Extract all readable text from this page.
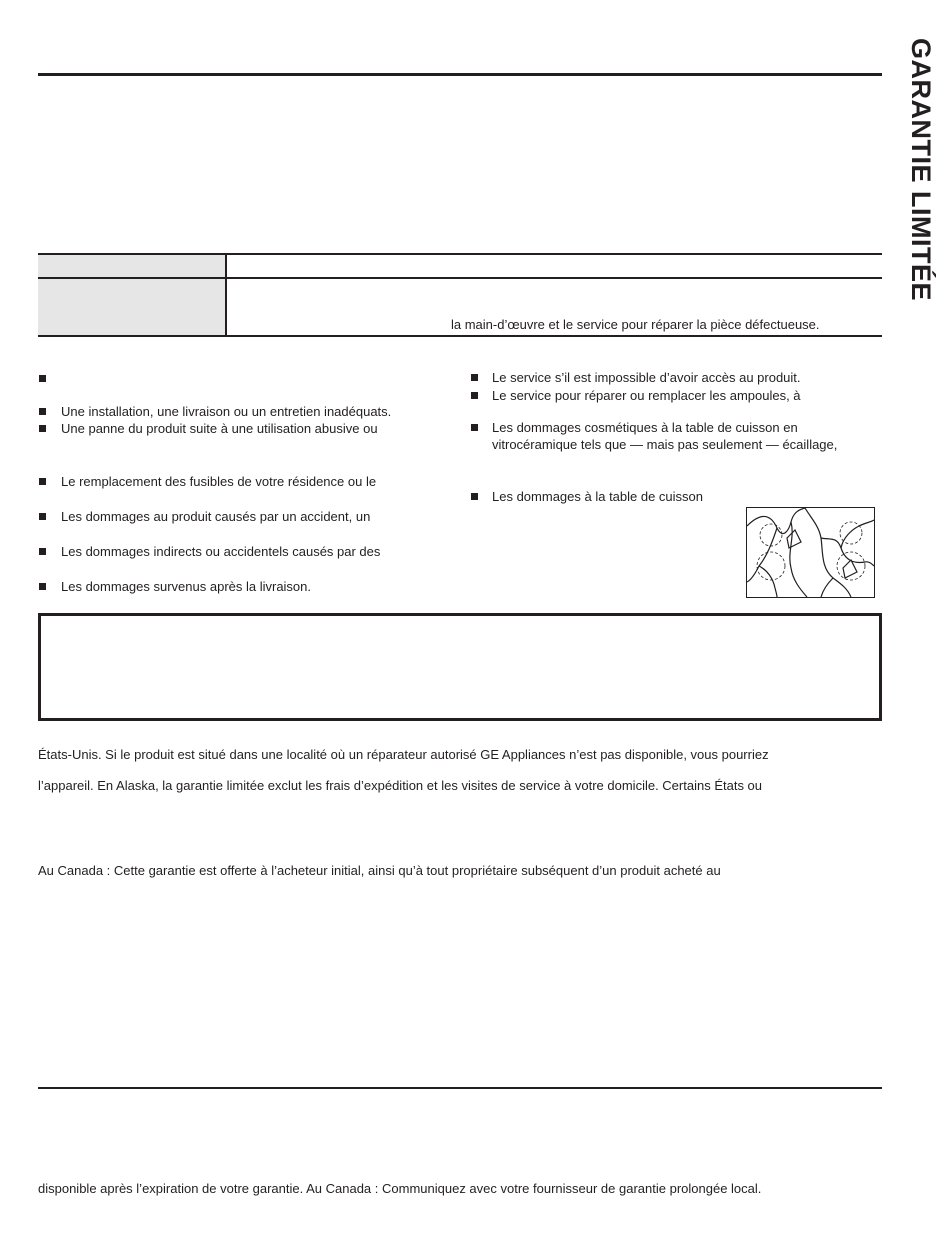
GARANTIE LIMITÉE
la main-d’œuvre et le service pour réparer la pièce défectueuse.
Une installation, une livraison ou un entretien inadéquats.
Une panne du produit suite à une utilisation abusive ou
Le remplacement des fusibles de votre résidence ou le
Les dommages au produit causés par un accident, un
Les dommages indirects ou accidentels causés par des
Les dommages survenus après la livraison.
Le service s’il est impossible d’avoir accès au produit.
Le service pour réparer ou remplacer les ampoules, à
Les dommages cosmétiques à la table de cuisson en
vitrocéramique tels que — mais pas seulement — écaillage,
Les dommages à la table de cuisson
États-Unis. Si le produit est situé dans une localité où un réparateur autorisé GE Appliances n’est pas disponible, vous pourriez
l’appareil. En Alaska, la garantie limitée exclut les frais d’expédition et les visites de service à votre domicile. Certains États ou
Au Canada : Cette garantie est offerte à l’acheteur initial, ainsi qu’à tout propriétaire subséquent d’un produit acheté au
disponible après l’expiration de votre garantie. Au Canada : Communiquez avec votre fournisseur de garantie prolongée local.
